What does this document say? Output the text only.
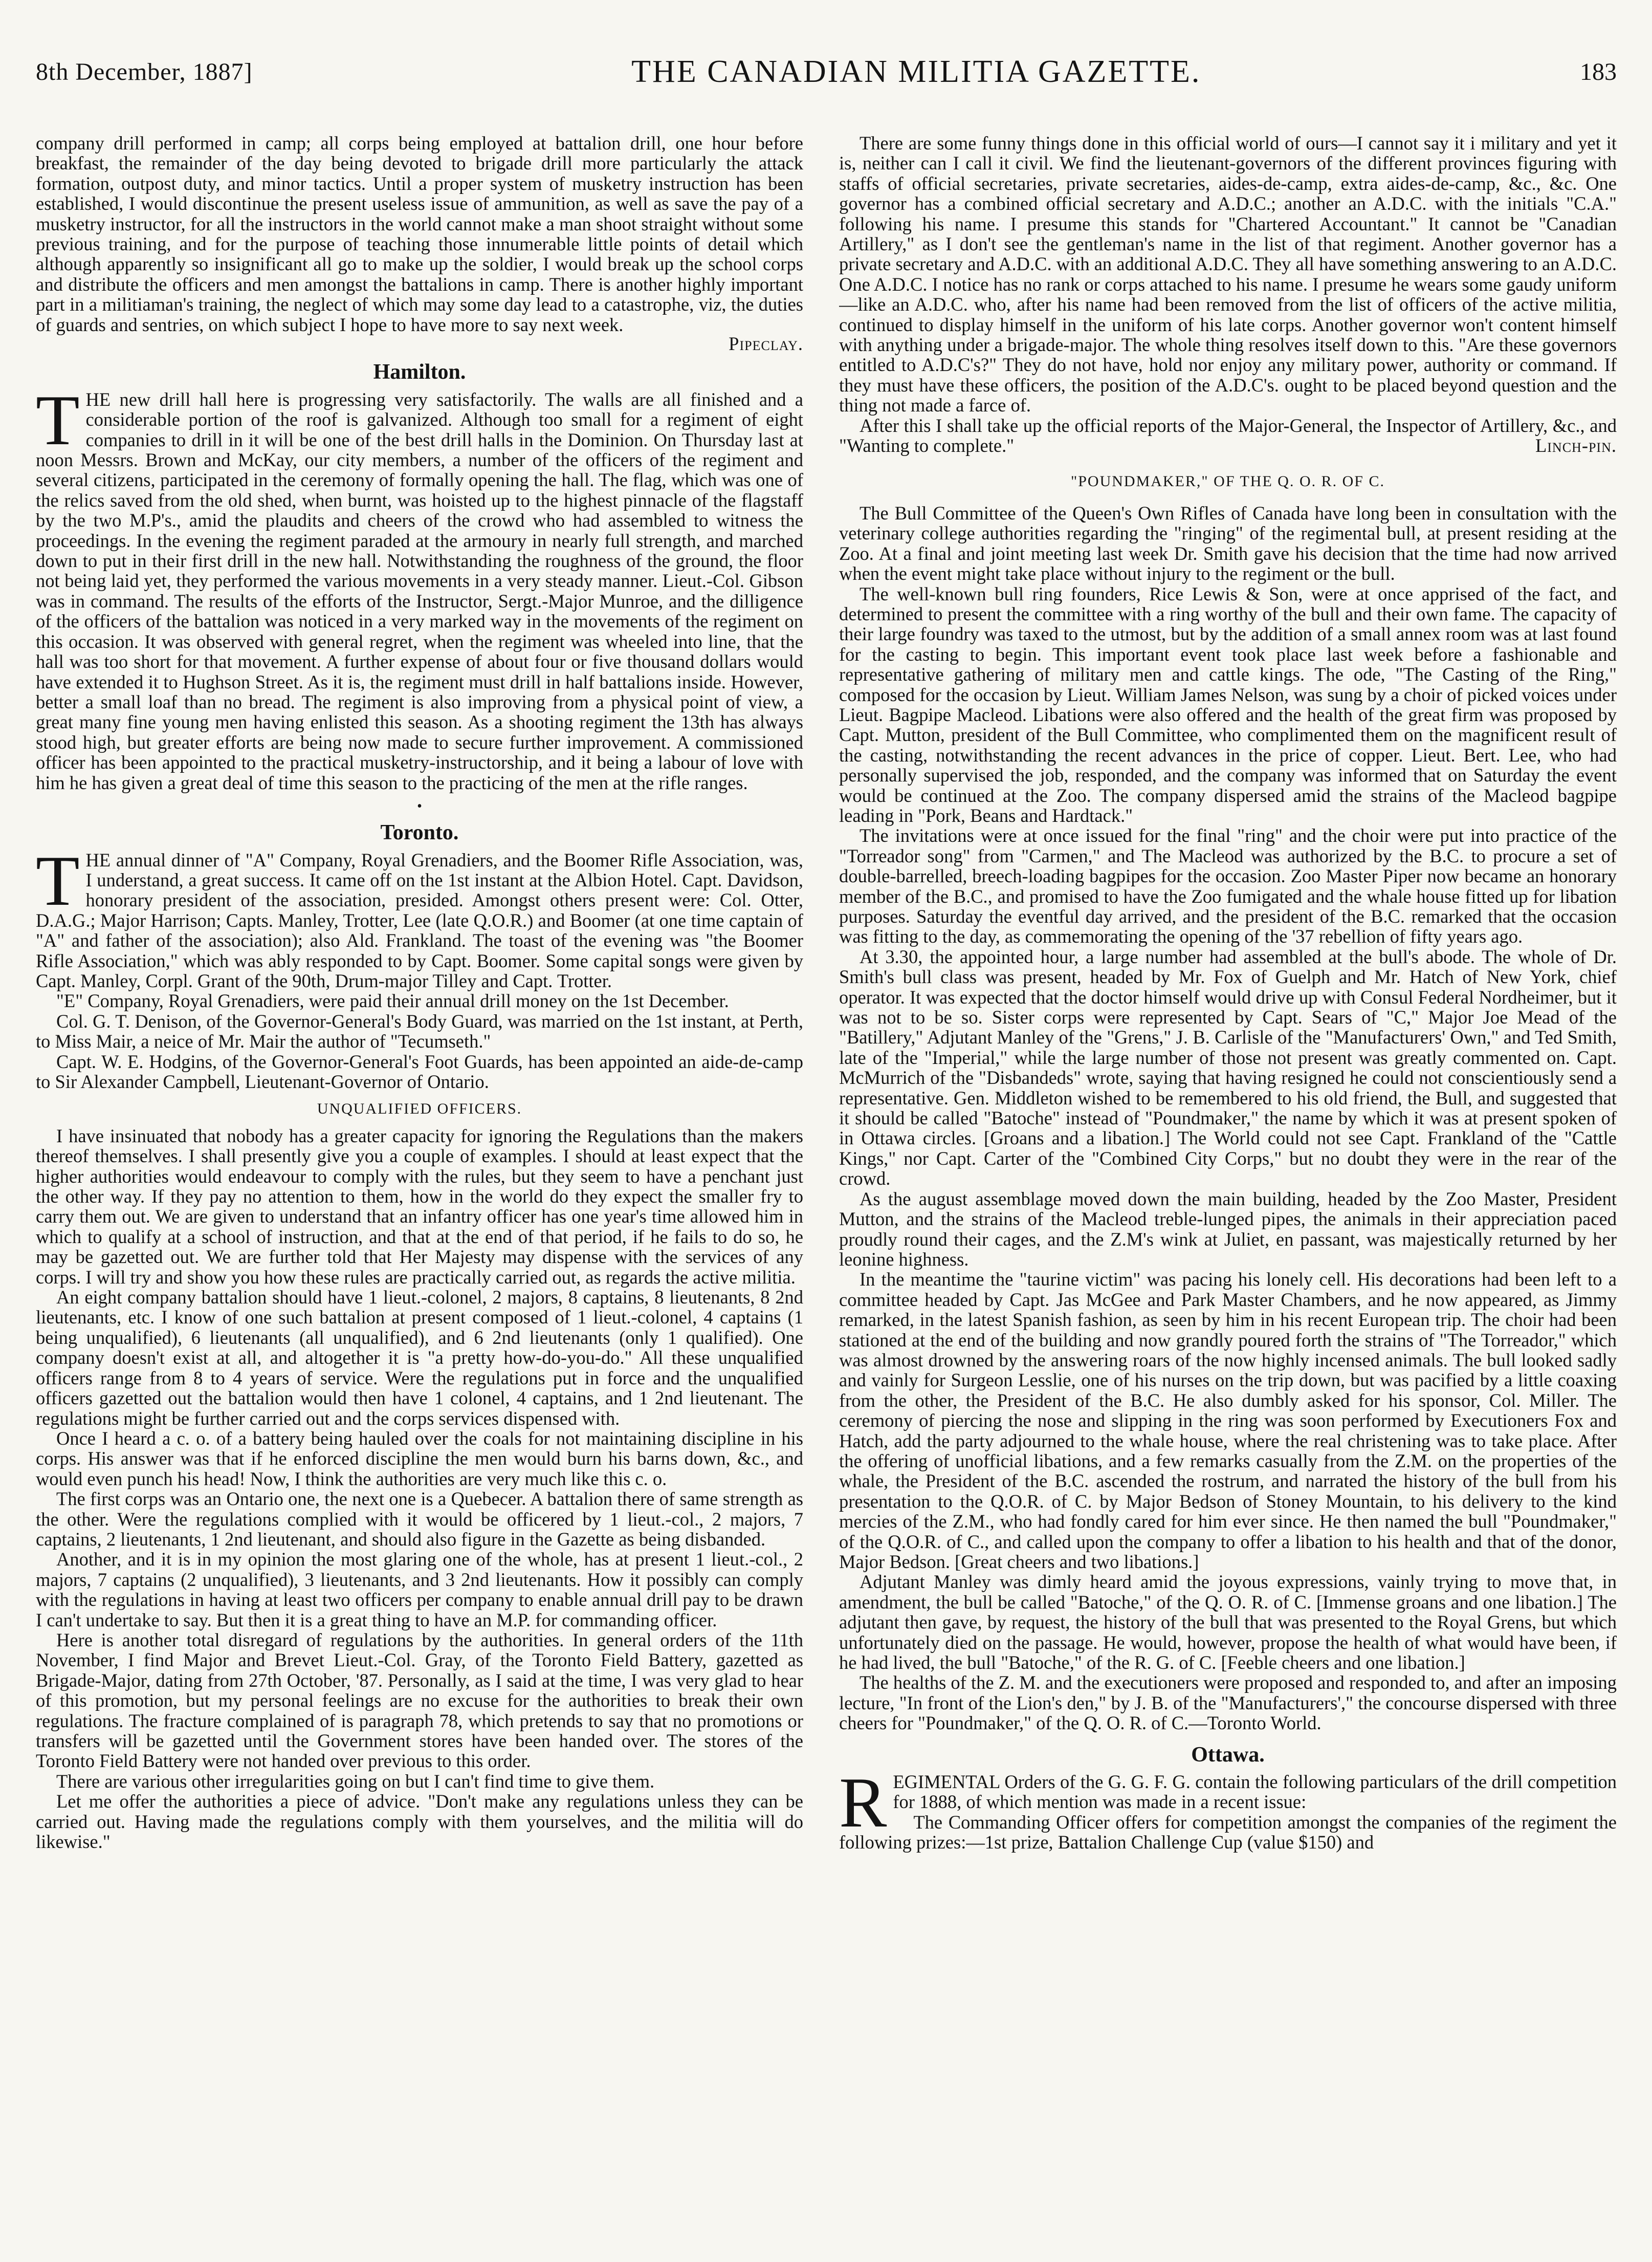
8th December, 1887]	THE CANADIAN MILITIA GAZETTE.	183

company drill performed in camp; all corps being employed at battalion drill, one hour before breakfast, the remainder of the day being devoted to brigade drill more particularly the attack formation, outpost duty, and minor tactics. Until a proper system of musketry instruction has been established, I would discontinue the present useless issue of ammunition, as well as save the pay of a musketry instructor, for all the instructors in the world cannot make a man shoot straight without some previous training, and for the purpose of teaching those innumerable little points of detail which although apparently so insignificant all go to make up the soldier, I would break up the school corps and distribute the officers and men amongst the battalions in camp. There is another highly important part in a militiaman's training, the neglect of which may some day lead to a catastrophe, viz, the duties of guards and sentries, on which subject I hope to have more to say next week.

Pipeclay.

Hamilton.

THE new drill hall here is progressing very satisfactorily. The walls are all finished and a considerable portion of the roof is galvanized. Although too small for a regiment of eight companies to drill in it will be one of the best drill halls in the Dominion. On Thursday last at noon Messrs. Brown and McKay, our city members, a number of the officers of the regiment and several citizens, participated in the ceremony of formally opening the hall. The flag, which was one of the relics saved from the old shed, when burnt, was hoisted up to the highest pinnacle of the flagstaff by the two M.P's., amid the plaudits and cheers of the crowd who had assembled to witness the proceedings. In the evening the regiment paraded at the armoury in nearly full strength, and marched down to put in their first drill in the new hall. Notwithstanding the roughness of the ground, the floor not being laid yet, they performed the various movements in a very steady manner. Lieut.-Col. Gibson was in command. The results of the efforts of the Instructor, Sergt.-Major Munroe, and the dilligence of the officers of the battalion was noticed in a very marked way in the movements of the regiment on this occasion. It was observed with general regret, when the regiment was wheeled into line, that the hall was too short for that movement. A further expense of about four or five thousand dollars would have extended it to Hughson Street. As it is, the regiment must drill in half battalions inside. However, better a small loaf than no bread. The regiment is also improving from a physical point of view, a great many fine young men having enlisted this season. As a shooting regiment the 13th has always stood high, but greater efforts are being now made to secure further improvement. A commissioned officer has been appointed to the practical musketry-instructorship, and it being a labour of love with him he has given a great deal of time this season to the practicing of the men at the rifle ranges.

•
Toronto.

THE annual dinner of "A" Company, Royal Grenadiers, and the Boomer Rifle Association, was, I understand, a great success. It came off on the 1st instant at the Albion Hotel. Capt. Davidson, honorary president of the association, presided. Amongst others present were: Col. Otter, D.A.G.; Major Harrison; Capts. Manley, Trotter, Lee (late Q.O.R.) and Boomer (at one time captain of "A" and father of the association); also Ald. Frankland. The toast of the evening was "the Boomer Rifle Association," which was ably responded to by Capt. Boomer. Some capital songs were given by Capt. Manley, Corpl. Grant of the 90th, Drum-major Tilley and Capt. Trotter.

"E" Company, Royal Grenadiers, were paid their annual drill money on the 1st December.

Col. G. T. Denison, of the Governor-General's Body Guard, was married on the 1st instant, at Perth, to Miss Mair, a neice of Mr. Mair the author of "Tecumseth."

Capt. W. E. Hodgins, of the Governor-General's Foot Guards, has been appointed an aide-de-camp to Sir Alexander Campbell, Lieutenant-Governor of Ontario.

UNQUALIFIED OFFICERS.

I have insinuated that nobody has a greater capacity for ignoring the Regulations than the makers thereof themselves. I shall presently give you a couple of examples. I should at least expect that the higher authorities would endeavour to comply with the rules, but they seem to have a penchant just the other way. If they pay no attention to them, how in the world do they expect the smaller fry to carry them out. We are given to understand that an infantry officer has one year's time allowed him in which to qualify at a school of instruction, and that at the end of that period, if he fails to do so, he may be gazetted out. We are further told that Her Majesty may dispense with the services of any corps. I will try and show you how these rules are practically carried out, as regards the active militia.

An eight company battalion should have 1 lieut.-colonel, 2 majors, 8 captains, 8 lieutenants, 8 2nd lieutenants, etc. I know of one such battalion at present composed of 1 lieut.-colonel, 4 captains (1 being unqualified), 6 lieutenants (all unqualified), and 6 2nd lieutenants (only 1 qualified). One company doesn't exist at all, and altogether it is "a pretty how-do-you-do." All these unqualified officers range from 8 to 4 years of service. Were the regulations put in force and the unqualified officers gazetted out the battalion would then have 1 colonel, 4 captains, and 1 2nd lieutenant. The regulations might be further carried out and the corps services dispensed with.

Once I heard a c. o. of a battery being hauled over the coals for not maintaining discipline in his corps. His answer was that if he enforced discipline the men would burn his barns down, &c., and would even punch his head! Now, I think the authorities are very much like this c. o.

The first corps was an Ontario one, the next one is a Quebecer. A battalion there of same strength as the other. Were the regulations complied with it would be officered by 1 lieut.-col., 2 majors, 7 captains, 2 lieutenants, 1 2nd lieutenant, and should also figure in the Gazette as being disbanded.

Another, and it is in my opinion the most glaring one of the whole, has at present 1 lieut.-col., 2 majors, 7 captains (2 unqualified), 3 lieutenants, and 3 2nd lieutenants. How it possibly can comply with the regulations in having at least two officers per company to enable annual drill pay to be drawn I can't undertake to say. But then it is a great thing to have an M.P. for commanding officer.

Here is another total disregard of regulations by the authorities. In general orders of the 11th November, I find Major and Brevet Lieut.-Col. Gray, of the Toronto Field Battery, gazetted as Brigade-Major, dating from 27th October, '87. Personally, as I said at the time, I was very glad to hear of this promotion, but my personal feelings are no excuse for the authorities to break their own regulations. The fracture complained of is paragraph 78, which pretends to say that no promotions or transfers will be gazetted until the Government stores have been handed over. The stores of the Toronto Field Battery were not handed over previous to this order.

There are various other irregularities going on but I can't find time to give them.

Let me offer the authorities a piece of advice. "Don't make any regulations unless they can be carried out. Having made the regulations comply with them yourselves, and the militia will do likewise."

There are some funny things done in this official world of ours—I cannot say it i military and yet it is, neither can I call it civil. We find the lieutenant-governors of the different provinces figuring with staffs of official secretaries, private secretaries, aides-de-camp, extra aides-de-camp, &c., &c. One governor has a combined official secretary and A.D.C.; another an A.D.C. with the initials "C.A." following his name. I presume this stands for "Chartered Accountant." It cannot be "Canadian Artillery," as I don't see the gentleman's name in the list of that regiment. Another governor has a private secretary and A.D.C. with an additional A.D.C. They all have something answering to an A.D.C. One A.D.C. I notice has no rank or corps attached to his name. I presume he wears some gaudy uniform—like an A.D.C. who, after his name had been removed from the list of officers of the active militia, continued to display himself in the uniform of his late corps. Another governor won't content himself with anything under a brigade-major. The whole thing resolves itself down to this. "Are these governors entitled to A.D.C's?" They do not have, hold nor enjoy any military power, authority or command. If they must have these officers, the position of the A.D.C's. ought to be placed beyond question and the thing not made a farce of.

After this I shall take up the official reports of the Major-General, the Inspector of Artillery, &c., and "Wanting to complete."	Linch-pin.

"POUNDMAKER," OF THE Q. O. R. OF C.

The Bull Committee of the Queen's Own Rifles of Canada have long been in consultation with the veterinary college authorities regarding the "ringing" of the regimental bull, at present residing at the Zoo. At a final and joint meeting last week Dr. Smith gave his decision that the time had now arrived when the event might take place without injury to the regiment or the bull.

The well-known bull ring founders, Rice Lewis & Son, were at once apprised of the fact, and determined to present the committee with a ring worthy of the bull and their own fame. The capacity of their large foundry was taxed to the utmost, but by the addition of a small annex room was at last found for the casting to begin. This important event took place last week before a fashionable and representative gathering of military men and cattle kings. The ode, "The Casting of the Ring," composed for the occasion by Lieut. William James Nelson, was sung by a choir of picked voices under Lieut. Bagpipe Macleod. Libations were also offered and the health of the great firm was proposed by Capt. Mutton, president of the Bull Committee, who complimented them on the magnificent result of the casting, notwithstanding the recent advances in the price of copper. Lieut. Bert. Lee, who had personally supervised the job, responded, and the company was informed that on Saturday the event would be continued at the Zoo. The company dispersed amid the strains of the Macleod bagpipe leading in "Pork, Beans and Hardtack."

The invitations were at once issued for the final "ring" and the choir were put into practice of the "Torreador song" from "Carmen," and The Macleod was authorized by the B.C. to procure a set of double-barrelled, breech-loading bagpipes for the occasion. Zoo Master Piper now became an honorary member of the B.C., and promised to have the Zoo fumigated and the whale house fitted up for libation purposes. Saturday the eventful day arrived, and the president of the B.C. remarked that the occasion was fitting to the day, as commemorating the opening of the '37 rebellion of fifty years ago.

At 3.30, the appointed hour, a large number had assembled at the bull's abode. The whole of Dr. Smith's bull class was present, headed by Mr. Fox of Guelph and Mr. Hatch of New York, chief operator. It was expected that the doctor himself would drive up with Consul Federal Nordheimer, but it was not to be so. Sister corps were represented by Capt. Sears of "C," Major Joe Mead of the "Batillery," Adjutant Manley of the "Grens," J. B. Carlisle of the "Manufacturers' Own," and Ted Smith, late of the "Imperial," while the large number of those not present was greatly commented on. Capt. McMurrich of the "Disbandeds" wrote, saying that having resigned he could not conscientiously send a representative. Gen. Middleton wished to be remembered to his old friend, the Bull, and suggested that it should be called "Batoche" instead of "Poundmaker," the name by which it was at present spoken of in Ottawa circles. [Groans and a libation.] The World could not see Capt. Frankland of the "Cattle Kings," nor Capt. Carter of the "Combined City Corps," but no doubt they were in the rear of the crowd.

As the august assemblage moved down the main building, headed by the Zoo Master, President Mutton, and the strains of the Macleod treble-lunged pipes, the animals in their appreciation paced proudly round their cages, and the Z.M's wink at Juliet, en passant, was majestically returned by her leonine highness.

In the meantime the "taurine victim" was pacing his lonely cell. His decorations had been left to a committee headed by Capt. Jas McGee and Park Master Chambers, and he now appeared, as Jimmy remarked, in the latest Spanish fashion, as seen by him in his recent European trip. The choir had been stationed at the end of the building and now grandly poured forth the strains of "The Torreador," which was almost drowned by the answering roars of the now highly incensed animals. The bull looked sadly and vainly for Surgeon Lesslie, one of his nurses on the trip down, but was pacified by a little coaxing from the other, the President of the B.C. He also dumbly asked for his sponsor, Col. Miller. The ceremony of piercing the nose and slipping in the ring was soon performed by Executioners Fox and Hatch, add the party adjourned to the whale house, where the real christening was to take place. After the offering of unofficial libations, and a few remarks casually from the Z.M. on the properties of the whale, the President of the B.C. ascended the rostrum, and narrated the history of the bull from his presentation to the Q.O.R. of C. by Major Bedson of Stoney Mountain, to his delivery to the kind mercies of the Z.M., who had fondly cared for him ever since. He then named the bull "Poundmaker," of the Q.O.R. of C., and called upon the company to offer a libation to his health and that of the donor, Major Bedson. [Great cheers and two libations.]

Adjutant Manley was dimly heard amid the joyous expressions, vainly trying to move that, in amendment, the bull be called "Batoche," of the Q. O. R. of C. [Immense groans and one libation.] The adjutant then gave, by request, the history of the bull that was presented to the Royal Grens, but which unfortunately died on the passage. He would, however, propose the health of what would have been, if he had lived, the bull "Batoche," of the R. G. of C. [Feeble cheers and one libation.]

The healths of the Z. M. and the executioners were proposed and responded to, and after an imposing lecture, "In front of the Lion's den," by J. B. of the "Manufacturers'," the concourse dispersed with three cheers for "Poundmaker," of the Q. O. R. of C.—Toronto World.

Ottawa.

REGIMENTAL Orders of the G. G. F. G. contain the following particulars of the drill competition for 1888, of which mention was made in a recent issue:

The Commanding Officer offers for competition amongst the companies of the regiment the following prizes:—1st prize, Battalion Challenge Cup (value $150) and
